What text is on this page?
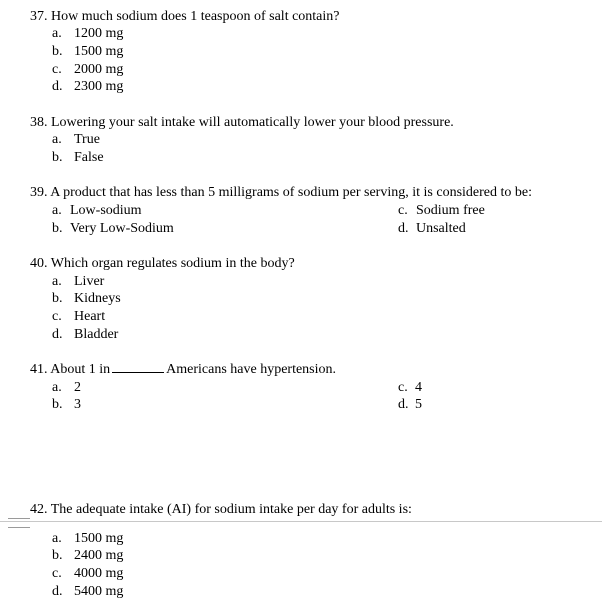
37. How much sodium does 1 teaspoon of salt contain?
a. 1200 mg
b. 1500 mg
c. 2000 mg
d. 2300 mg
38. Lowering your salt intake will automatically lower your blood pressure.
a. True
b. False
39. A product that has less than 5 milligrams of sodium per serving, it is considered to be:
a. Low-sodium
b. Very Low-Sodium
c. Sodium free
d. Unsalted
40. Which organ regulates sodium in the body?
a. Liver
b. Kidneys
c. Heart
d. Bladder
41. About 1 in	Americans have hypertension.
a. 2
b. 3
c. 4
d. 5
42. The adequate intake (AI) for sodium intake per day for adults is:
a. 1500 mg
b. 2400 mg
c. 4000 mg
d. 5400 mg
